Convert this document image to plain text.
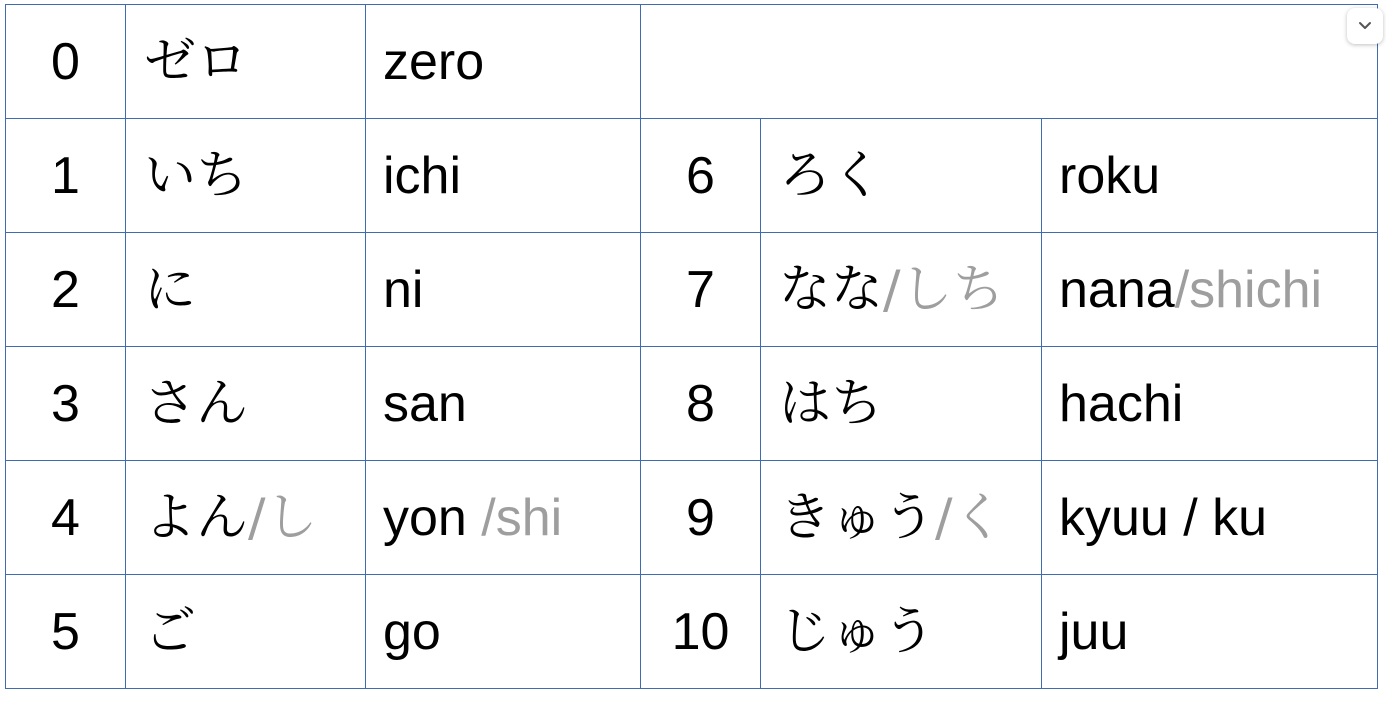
0	ゼロ	zero			
1	いち	ichi	6	ろく	roku
2	に	ni	7	なな/しち	nana/shichi
3	さん	san	8	はち	hachi
4	よん/し	yon /shi	9	きゅう/く	kyuu / ku
5	ご	go	10	じゅう	juu
